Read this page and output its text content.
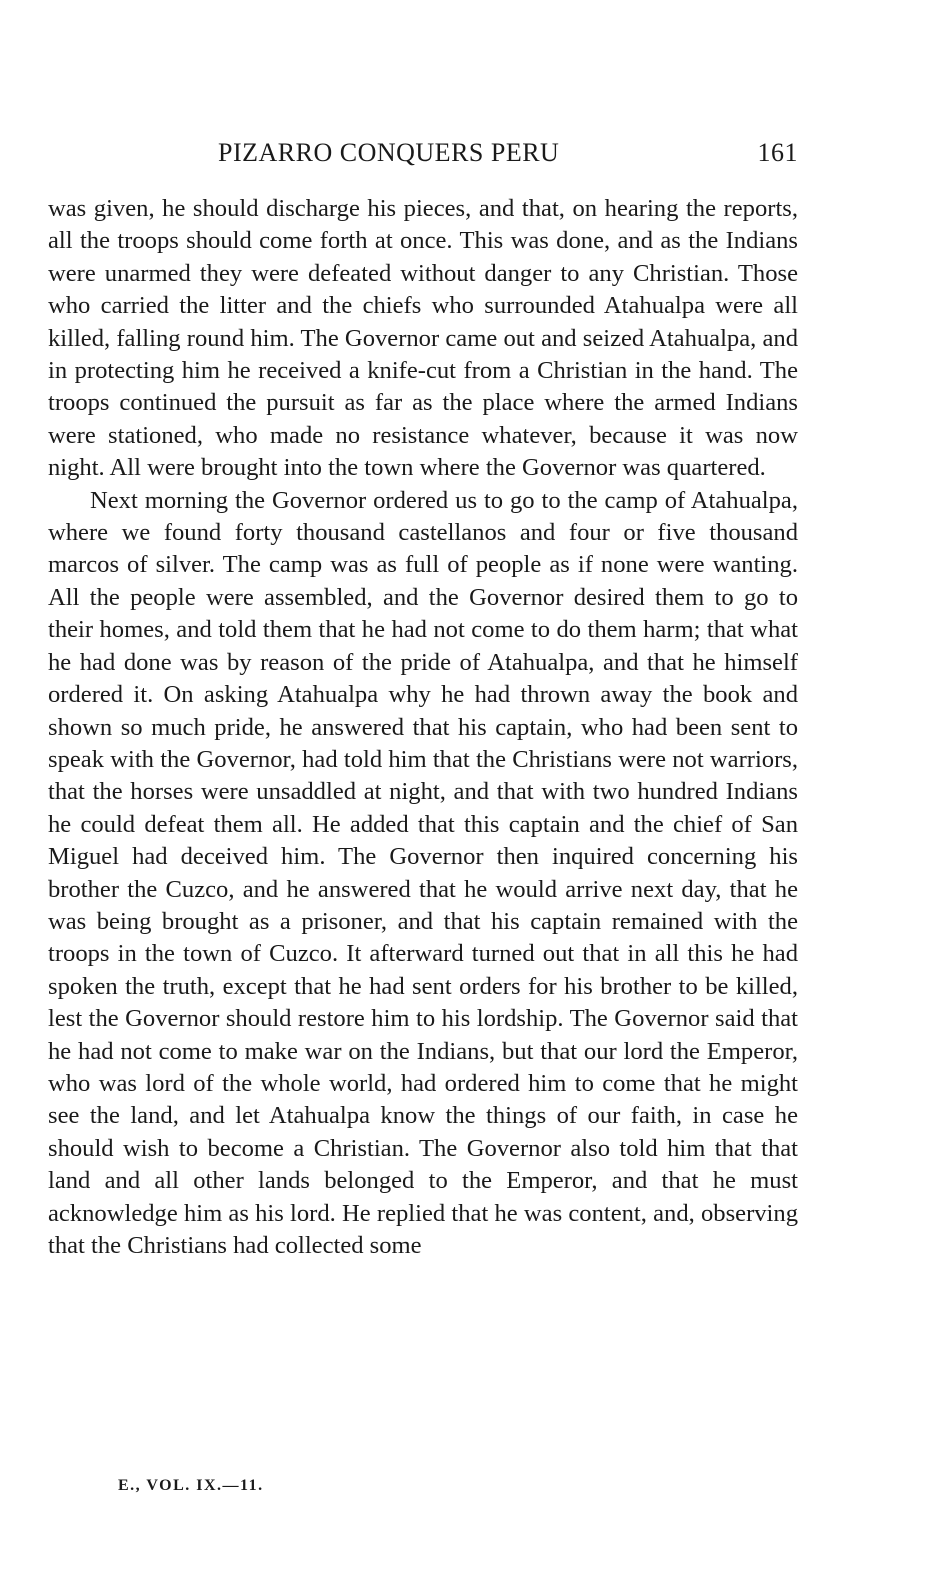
PIZARRO CONQUERS PERU	161

was given, he should discharge his pieces, and that, on hearing the reports, all the troops should come forth at once. This was done, and as the Indians were unarmed they were defeated without danger to any Christian. Those who carried the litter and the chiefs who surrounded Atahualpa were all killed, falling round him. The Governor came out and seized Atahualpa, and in protecting him he received a knife-cut from a Christian in the hand. The troops continued the pursuit as far as the place where the armed Indians were stationed, who made no resistance whatever, because it was now night. All were brought into the town where the Governor was quartered.

Next morning the Governor ordered us to go to the camp of Atahualpa, where we found forty thousand castellanos and four or five thousand marcos of silver. The camp was as full of people as if none were wanting. All the people were assembled, and the Governor desired them to go to their homes, and told them that he had not come to do them harm; that what he had done was by reason of the pride of Atahualpa, and that he himself ordered it. On asking Atahualpa why he had thrown away the book and shown so much pride, he answered that his captain, who had been sent to speak with the Governor, had told him that the Christians were not warriors, that the horses were unsaddled at night, and that with two hundred Indians he could defeat them all. He added that this captain and the chief of San Miguel had deceived him. The Governor then inquired concerning his brother the Cuzco, and he answered that he would arrive next day, that he was being brought as a prisoner, and that his captain remained with the troops in the town of Cuzco. It afterward turned out that in all this he had spoken the truth, except that he had sent orders for his brother to be killed, lest the Governor should restore him to his lordship. The Governor said that he had not come to make war on the Indians, but that our lord the Emperor, who was lord of the whole world, had ordered him to come that he might see the land, and let Atahualpa know the things of our faith, in case he should wish to become a Christian. The Governor also told him that that land and all other lands belonged to the Emperor, and that he must acknowledge him as his lord. He replied that he was content, and, observing that the Christians had collected some

E., VOL. IX.—11.
